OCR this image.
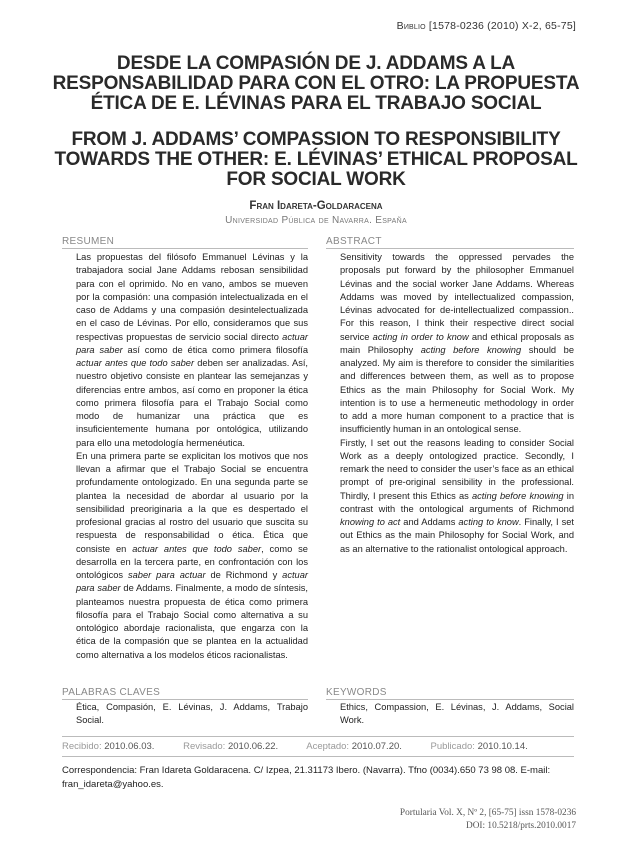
Bиblio [1578-0236 (2010) X-2, 65-75]
DESDE LA COMPASIÓN DE J. ADDAMS A LA
RESPONSABILIDAD PARA CON EL OTRO: LA PROPUESTA
ÉTICA DE E. LÉVINAS PARA EL TRABAJO SOCIAL
FROM J. ADDAMS’ COMPASSION TO RESPONSIBILITY
TOWARDS THE OTHER: E. LÉVINAS’ ETHICAL PROPOSAL
FOR SOCIAL WORK
Fran Idareta-Goldaracena
Universidad Pública de Navarra. España
RESUMEN	ABSTRACT

Las propuestas del filósofo Emmanuel Lévinas y la trabajadora social Jane Addams rebosan sensibilidad para con el oprimido. No en vano, ambos se mueven por la compasión: una compasión intelectualizada en el caso de Addams y una compasión desintelectualizada en el caso de Lévinas. Por ello, consideramos que sus respectivas propuestas de servicio social directo actuar para saber así como de ética como primera filosofía actuar antes que todo saber deben ser analizadas. Así, nuestro objetivo consiste en plantear las semejanzas y diferencias entre ambos, así como en proponer la ética como primera filosofía para el Trabajo Social como modo de humanizar una práctica que es insuficientemente humana por ontológica, utilizando para ello una metodología hermenéutica.

En una primera parte se explicitan los motivos que nos llevan a afirmar que el Trabajo Social se encuentra profundamente ontologizado. En una segunda parte se plantea la necesidad de abordar al usuario por la sensibilidad preoriginaria a la que es despertado el profesional gracias al rostro del usuario que suscita su respuesta de responsabilidad o ética. Ética que consiste en actuar antes que todo saber, como se desarrolla en la tercera parte, en confrontación con los ontológicos saber para actuar de Richmond y actuar para saber de Addams. Finalmente, a modo de síntesis, planteamos nuestra propuesta de ética como primera filosofía para el Trabajo Social como alternativa a su ontológico abordaje racionalista, que engarza con la ética de la compasión que se plantea en la actualidad como alternativa a los modelos éticos racionalistas.

Sensitivity towards the oppressed pervades the proposals put forward by the philosopher Emmanuel Lévinas and the social worker Jane Addams. Whereas Addams was moved by intellectualized compassion, Lévinas advocated for de-intellectualized compassion.. For this reason, I think their respective direct social service acting in order to know and ethical proposals as main Philosophy acting before knowing should be analyzed. My aim is therefore to consider the similarities and differences between them, as well as to propose Ethics as the main Philosophy for Social Work. My intention is to use a hermeneutic methodology in order to add a more human component to a practice that is insufficiently human in an ontological sense.

Firstly, I set out the reasons leading to consider Social Work as a deeply ontologized practice. Secondly, I remark the need to consider the user’s face as an ethical prompt of pre-original sensibility in the professional. Thirdly, I present this Ethics as acting before knowing in contrast with the ontological arguments of Richmond knowing to act and Addams acting to know. Finally, I set out Ethics as the main Philosophy for Social Work, and as an alternative to the rationalist ontological approach.

PALABRAS CLAVES
Ética, Compasión, E. Lévinas, J. Addams, Trabajo Social.
KEYWORDS
Ethics, Compassion, E. Lévinas, J. Addams, Social Work.
Recibido: 2010.06.03.	Revisado: 2010.06.22.	Aceptado: 2010.07.20.	Publicado: 2010.10.14.
Correspondencia: Fran Idareta Goldaracena. C/ Izpea, 21.31173 Ibero. (Navarra). Tfno (0034).650 73 98 08. E-mail: fran_idareta@yahoo.es.
Portularia Vol. X, Nº 2, [65-75] issn 1578-0236
DOI: 10.5218/prts.2010.0017
